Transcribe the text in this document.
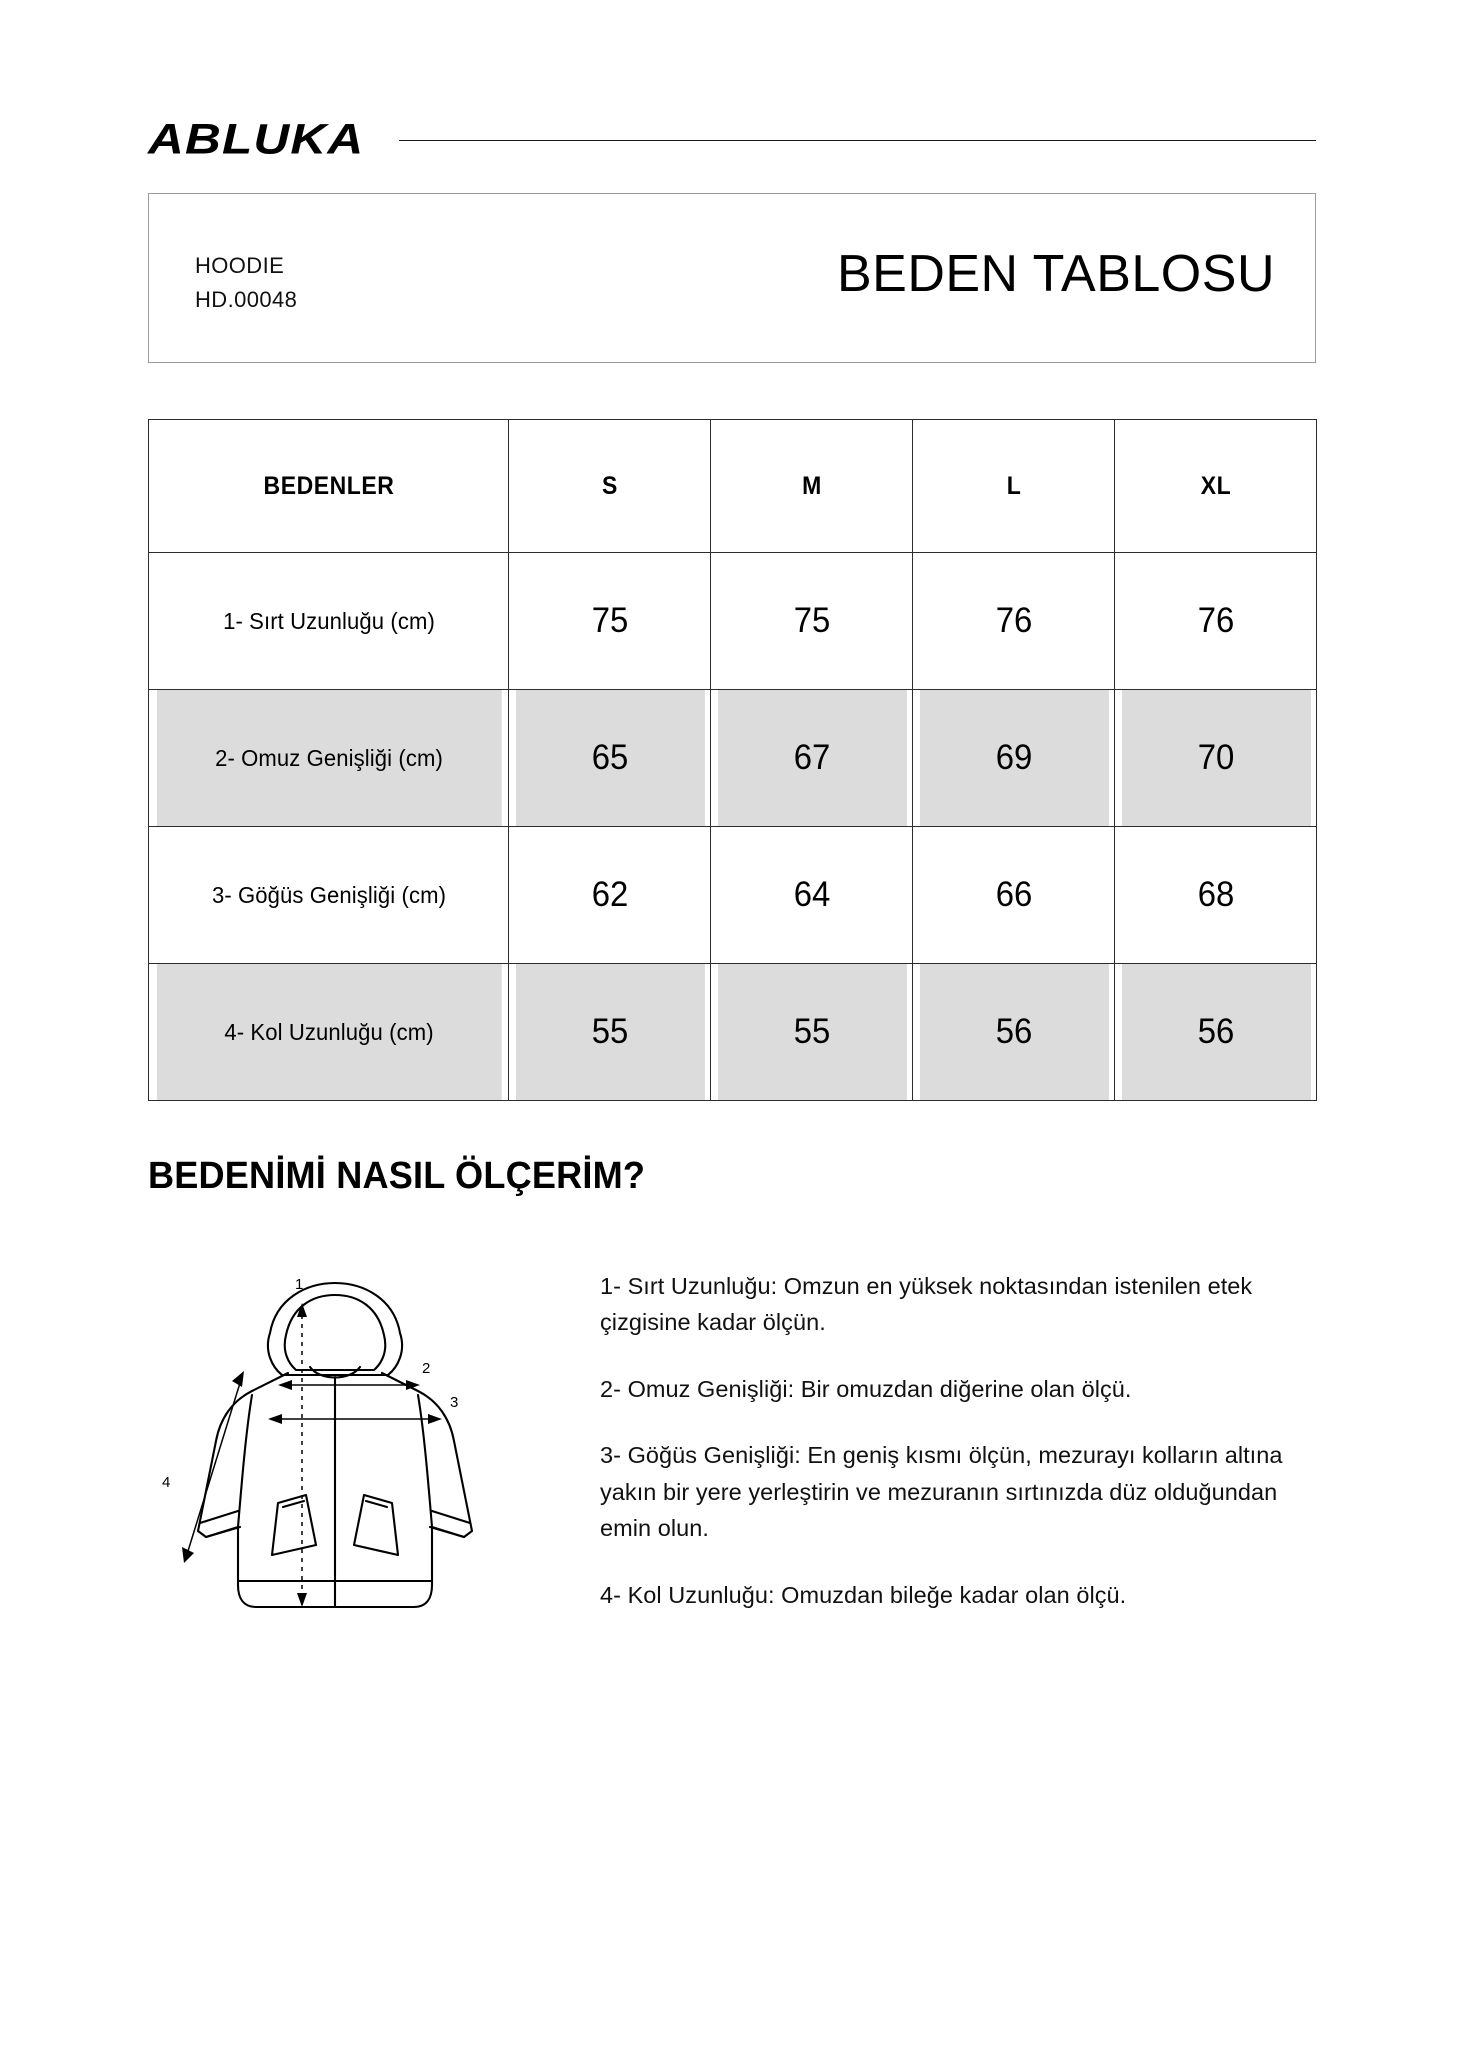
ABLUKA
HOODIE
HD.00048	BEDEN TABLOSU
BEDENLER	S	M	L	XL
1- Sırt Uzunluğu (cm)	75	75	76	76
2- Omuz Genişliği (cm)	65	67	69	70
3- Göğüs Genişliği (cm)	62	64	66	68
4- Kol Uzunluğu (cm)	55	55	56	56
BEDENİMİ NASIL ÖLÇERİM?
1
2
3
4

1- Sırt Uzunluğu: Omzun en yüksek noktasından istenilen etek çizgisine kadar ölçün.

2- Omuz Genişliği: Bir omuzdan diğerine olan ölçü.

3- Göğüs Genişliği: En geniş kısmı ölçün, mezurayı kolların altına yakın bir yere yerleştirin ve mezuranın sırtınızda düz olduğundan emin olun.

4- Kol Uzunluğu: Omuzdan bileğe kadar olan ölçü.
